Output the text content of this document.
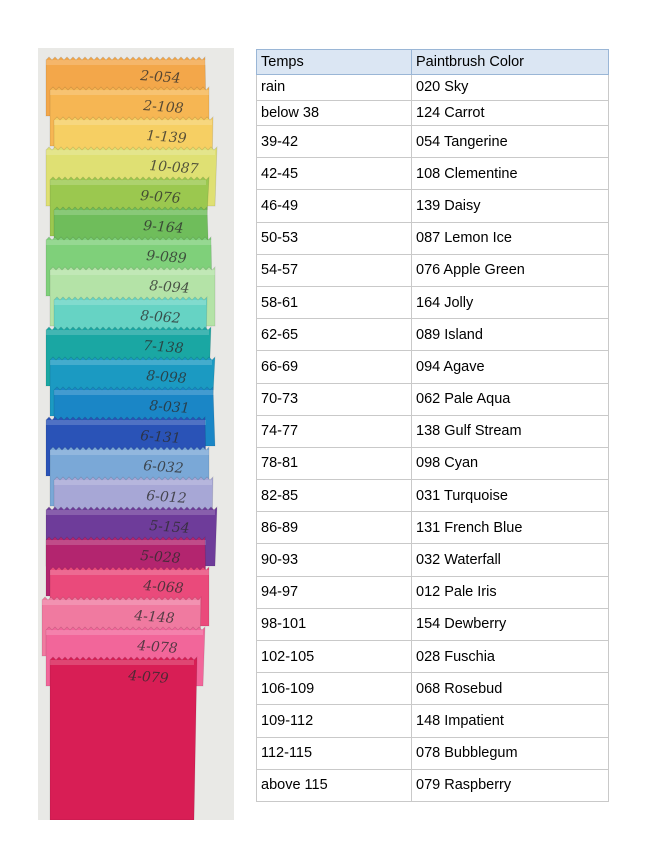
2-054
2-108
1-139
10-087
9-076
9-164
9-089
8-094
8-062
7-138
8-098
8-031
6-131
6-032
6-012
5-154
5-028
4-068
4-148
4-078
4-079
Temps	Paintbrush Color
rain	020 Sky
below 38	124 Carrot
39-42	054 Tangerine
42-45	108 Clementine
46-49	139 Daisy
50-53	087 Lemon Ice
54-57	076 Apple Green
58-61	164 Jolly
62-65	089 Island
66-69	094 Agave
70-73	062 Pale Aqua
74-77	138 Gulf Stream
78-81	098 Cyan
82-85	031 Turquoise
86-89	131 French Blue
90-93	032 Waterfall
94-97	012 Pale Iris
98-101	154 Dewberry
102-105	028 Fuschia
106-109	068 Rosebud
109-112	148 Impatient
112-115	078 Bubblegum
above 115	079 Raspberry
